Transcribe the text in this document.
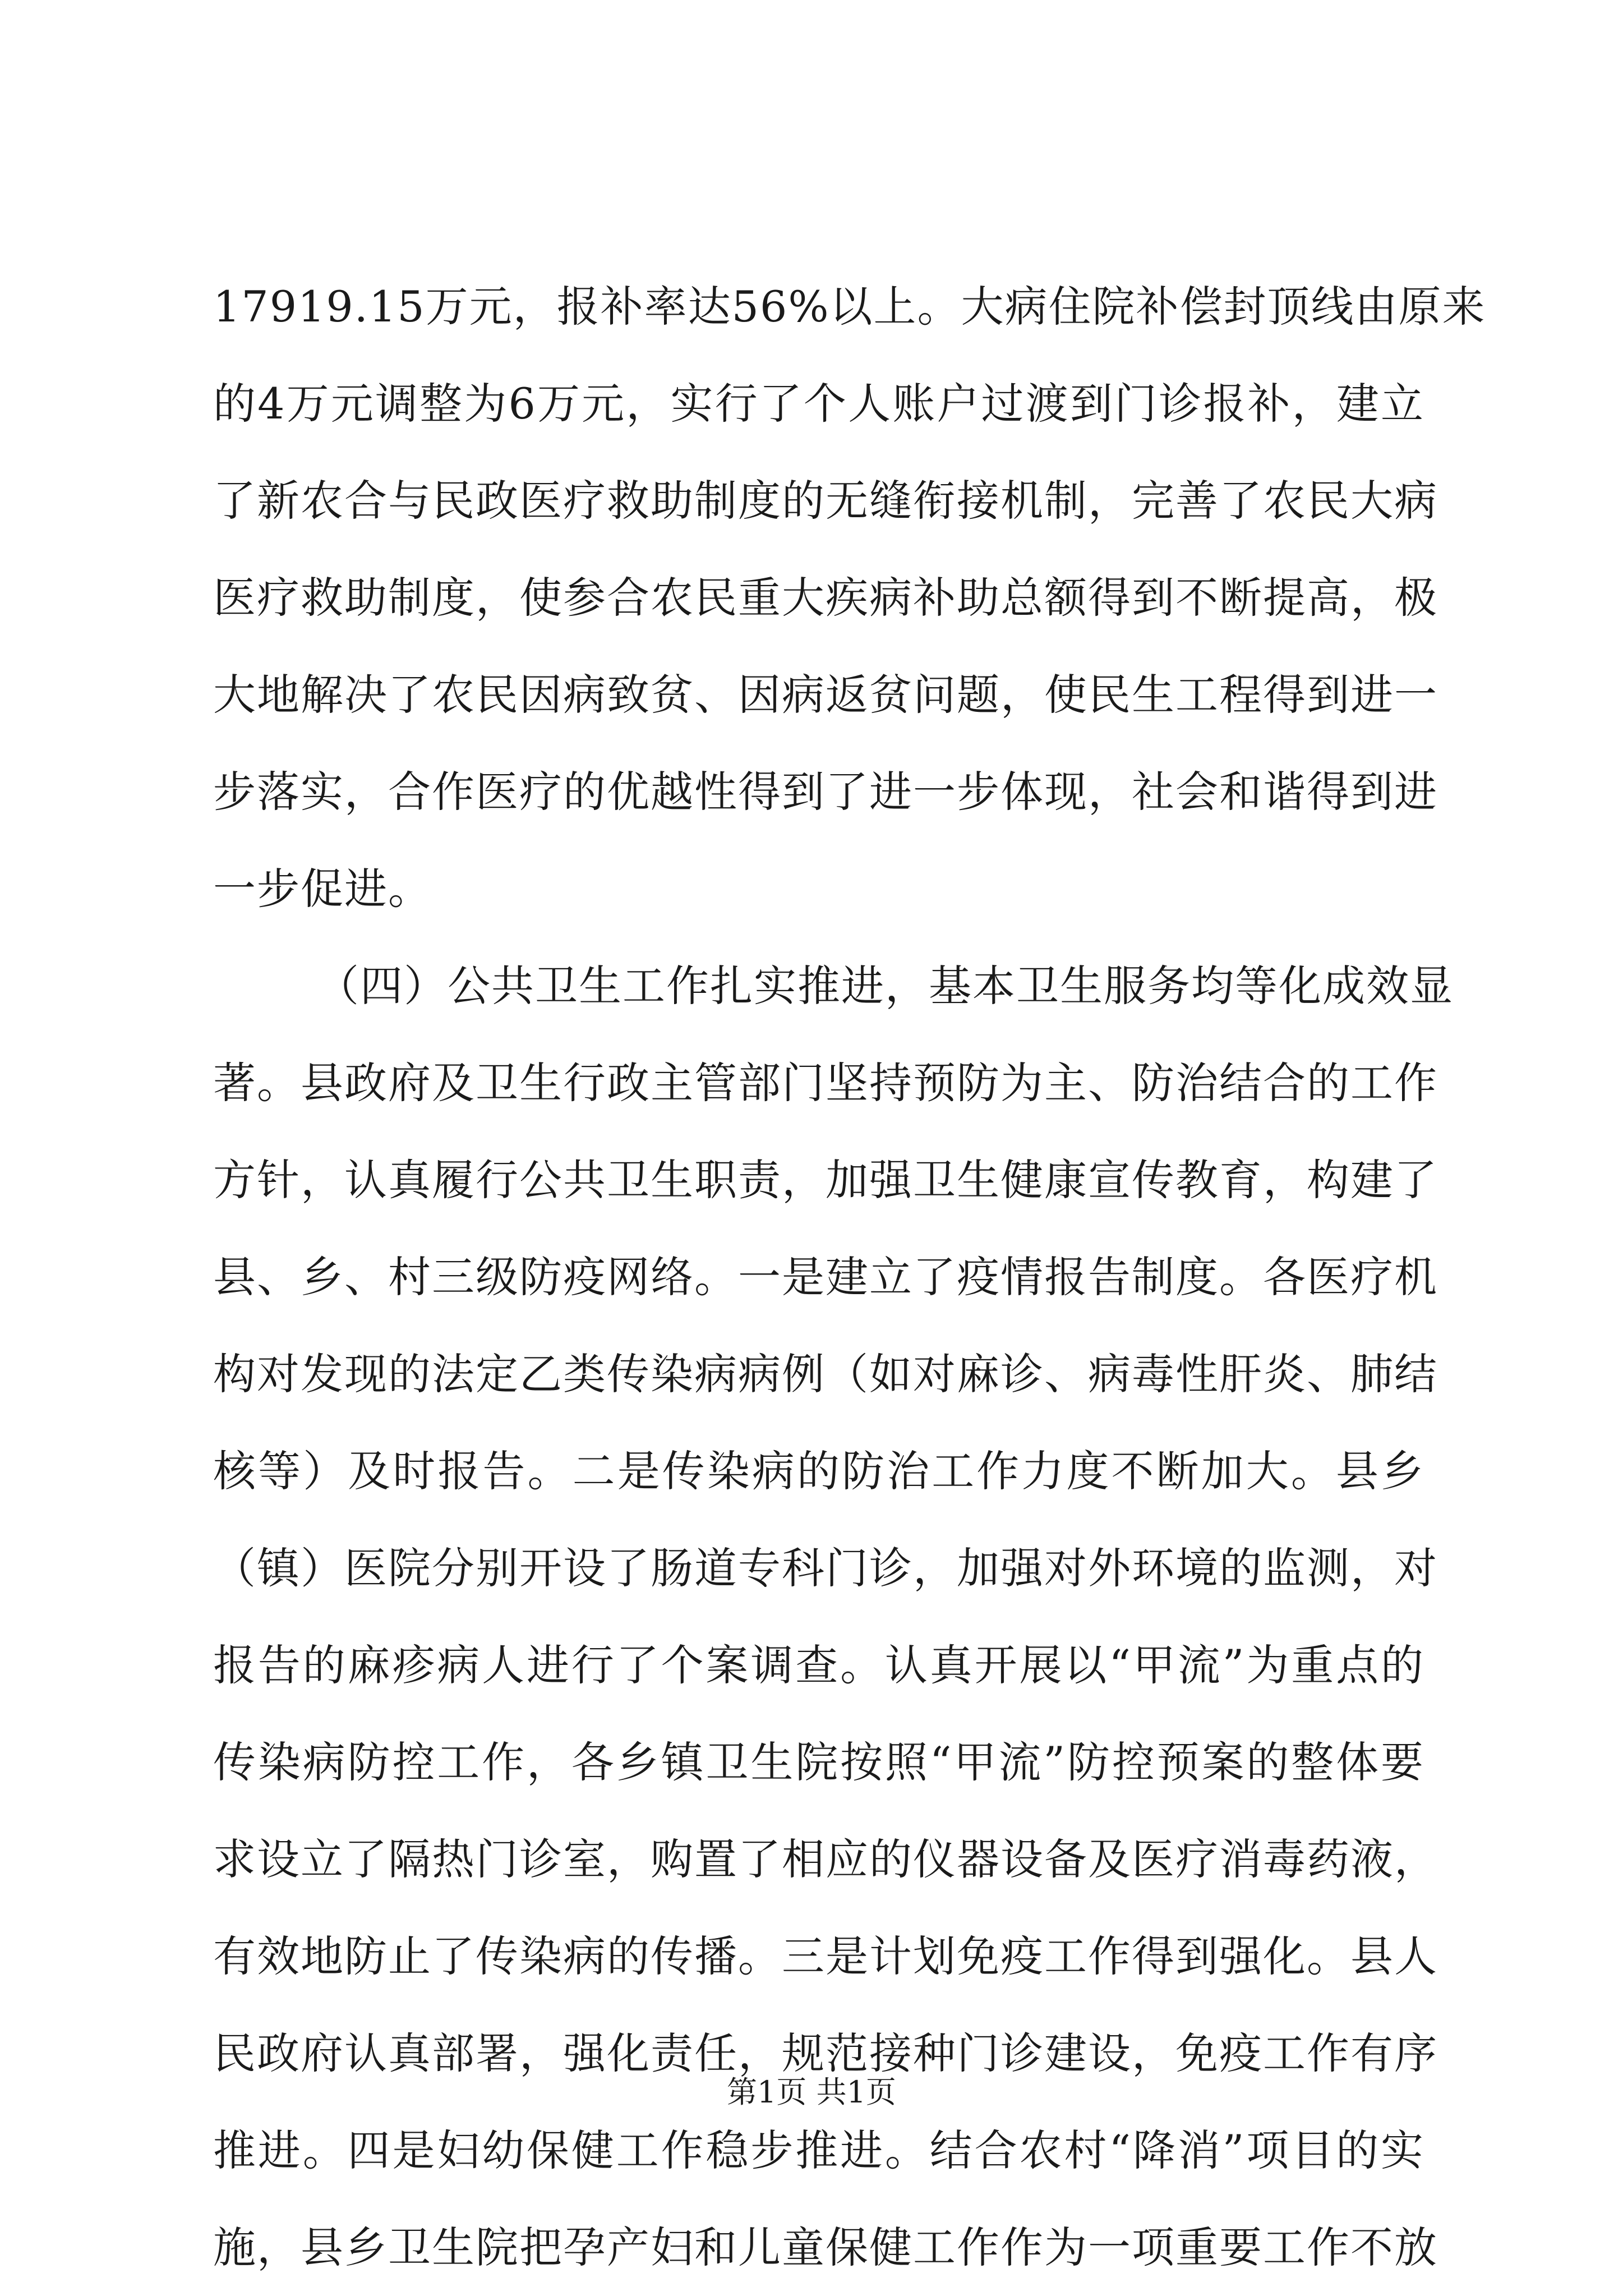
17919.15万元，报补率达56%以上。大病住院补偿封顶线由原来
的4万元调整为6万元，实行了个人账户过渡到门诊报补，建立
了新农合与民政医疗救助制度的无缝衔接机制，完善了农民大病
医疗救助制度，使参合农民重大疾病补助总额得到不断提高，极
大地解决了农民因病致贫、因病返贫问题，使民生工程得到进一
步落实，合作医疗的优越性得到了进一步体现，社会和谐得到进
一步促进。
（四）公共卫生工作扎实推进，基本卫生服务均等化成效显
著。县政府及卫生行政主管部门坚持预防为主、防治结合的工作
方针，认真履行公共卫生职责，加强卫生健康宣传教育，构建了
县、乡、村三级防疫网络。一是建立了疫情报告制度。各医疗机
构对发现的法定乙类传染病病例（如对麻诊、病毒性肝炎、肺结
核等）及时报告。二是传染病的防治工作力度不断加大。县乡
（镇）医院分别开设了肠道专科门诊，加强对外环境的监测，对
报告的麻疹病人进行了个案调查。认真开展以“甲流”为重点的
传染病防控工作，各乡镇卫生院按照“甲流”防控预案的整体要
求设立了隔热门诊室，购置了相应的仪器设备及医疗消毒药液，
有效地防止了传染病的传播。三是计划免疫工作得到强化。县人
民政府认真部署，强化责任，规范接种门诊建设，免疫工作有序
推进。四是妇幼保健工作稳步推进。结合农村“降消”项目的实
施，县乡卫生院把孕产妇和儿童保健工作作为一项重要工作不放
第1页 共1页
